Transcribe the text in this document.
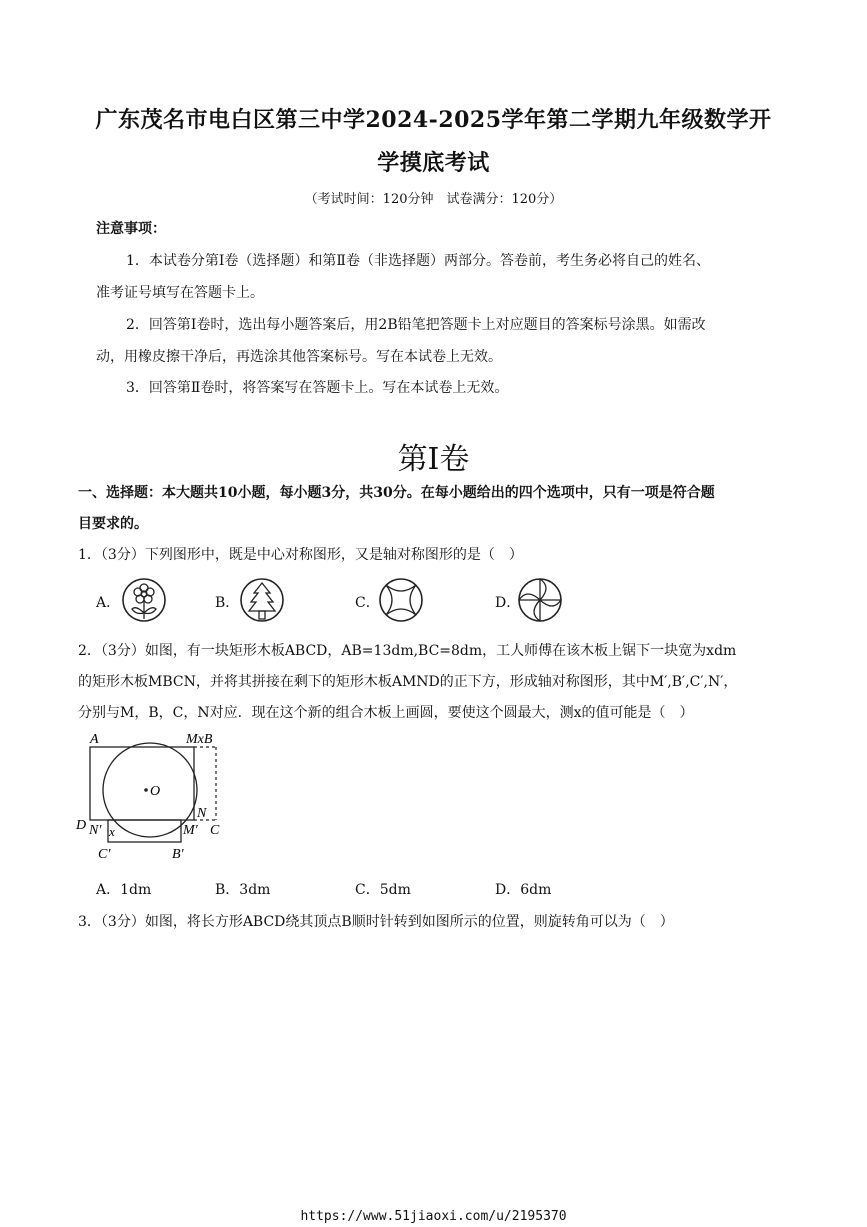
广东茂名市电白区第三中学2024-2025学年第二学期九年级数学开
学摸底考试
（考试时间：120分钟　试卷满分：120分）
注意事项：
1．本试卷分第Ⅰ卷（选择题）和第Ⅱ卷（非选择题）两部分。答卷前，考生务必将自己的姓名、
准考证号填写在答题卡上。
2．回答第Ⅰ卷时，选出每小题答案后，用2B铅笔把答题卡上对应题目的答案标号涂黑。如需改
动，用橡皮擦干净后，再选涂其他答案标号。写在本试卷上无效。
3．回答第Ⅱ卷时，将答案写在答题卡上。写在本试卷上无效。
第Ⅰ卷
一、选择题：本大题共10小题，每小题3分，共30分。在每小题给出的四个选项中，只有一项是符合题
目要求的。
1．（3分）下列图形中，既是中心对称图形，又是轴对称图形的是（　）
A．	B．	C．	D．
2．（3分）如图，有一块矩形木板ABCD，AB=13dm,BC=8dm，工人师傅在该木板上锯下一块宽为xdm
的矩形木板MBCN，并将其拼接在剩下的矩形木板AMND的正下方，形成轴对称图形，其中M′,B′,C′,N′，
分别与M，B，C，N对应．现在这个新的组合木板上画圆，要使这个圆最大，测x的值可能是（　）
A	MxB
O
N
D N′ x	M′ C
C′	B′
A．1dm	B．3dm	C．5dm	D．6dm
3．（3分）如图，将长方形ABCD绕其顶点B顺时针转到如图所示的位置，则旋转角可以为（　）
https://www.51jiaoxi.com/u/2195370
